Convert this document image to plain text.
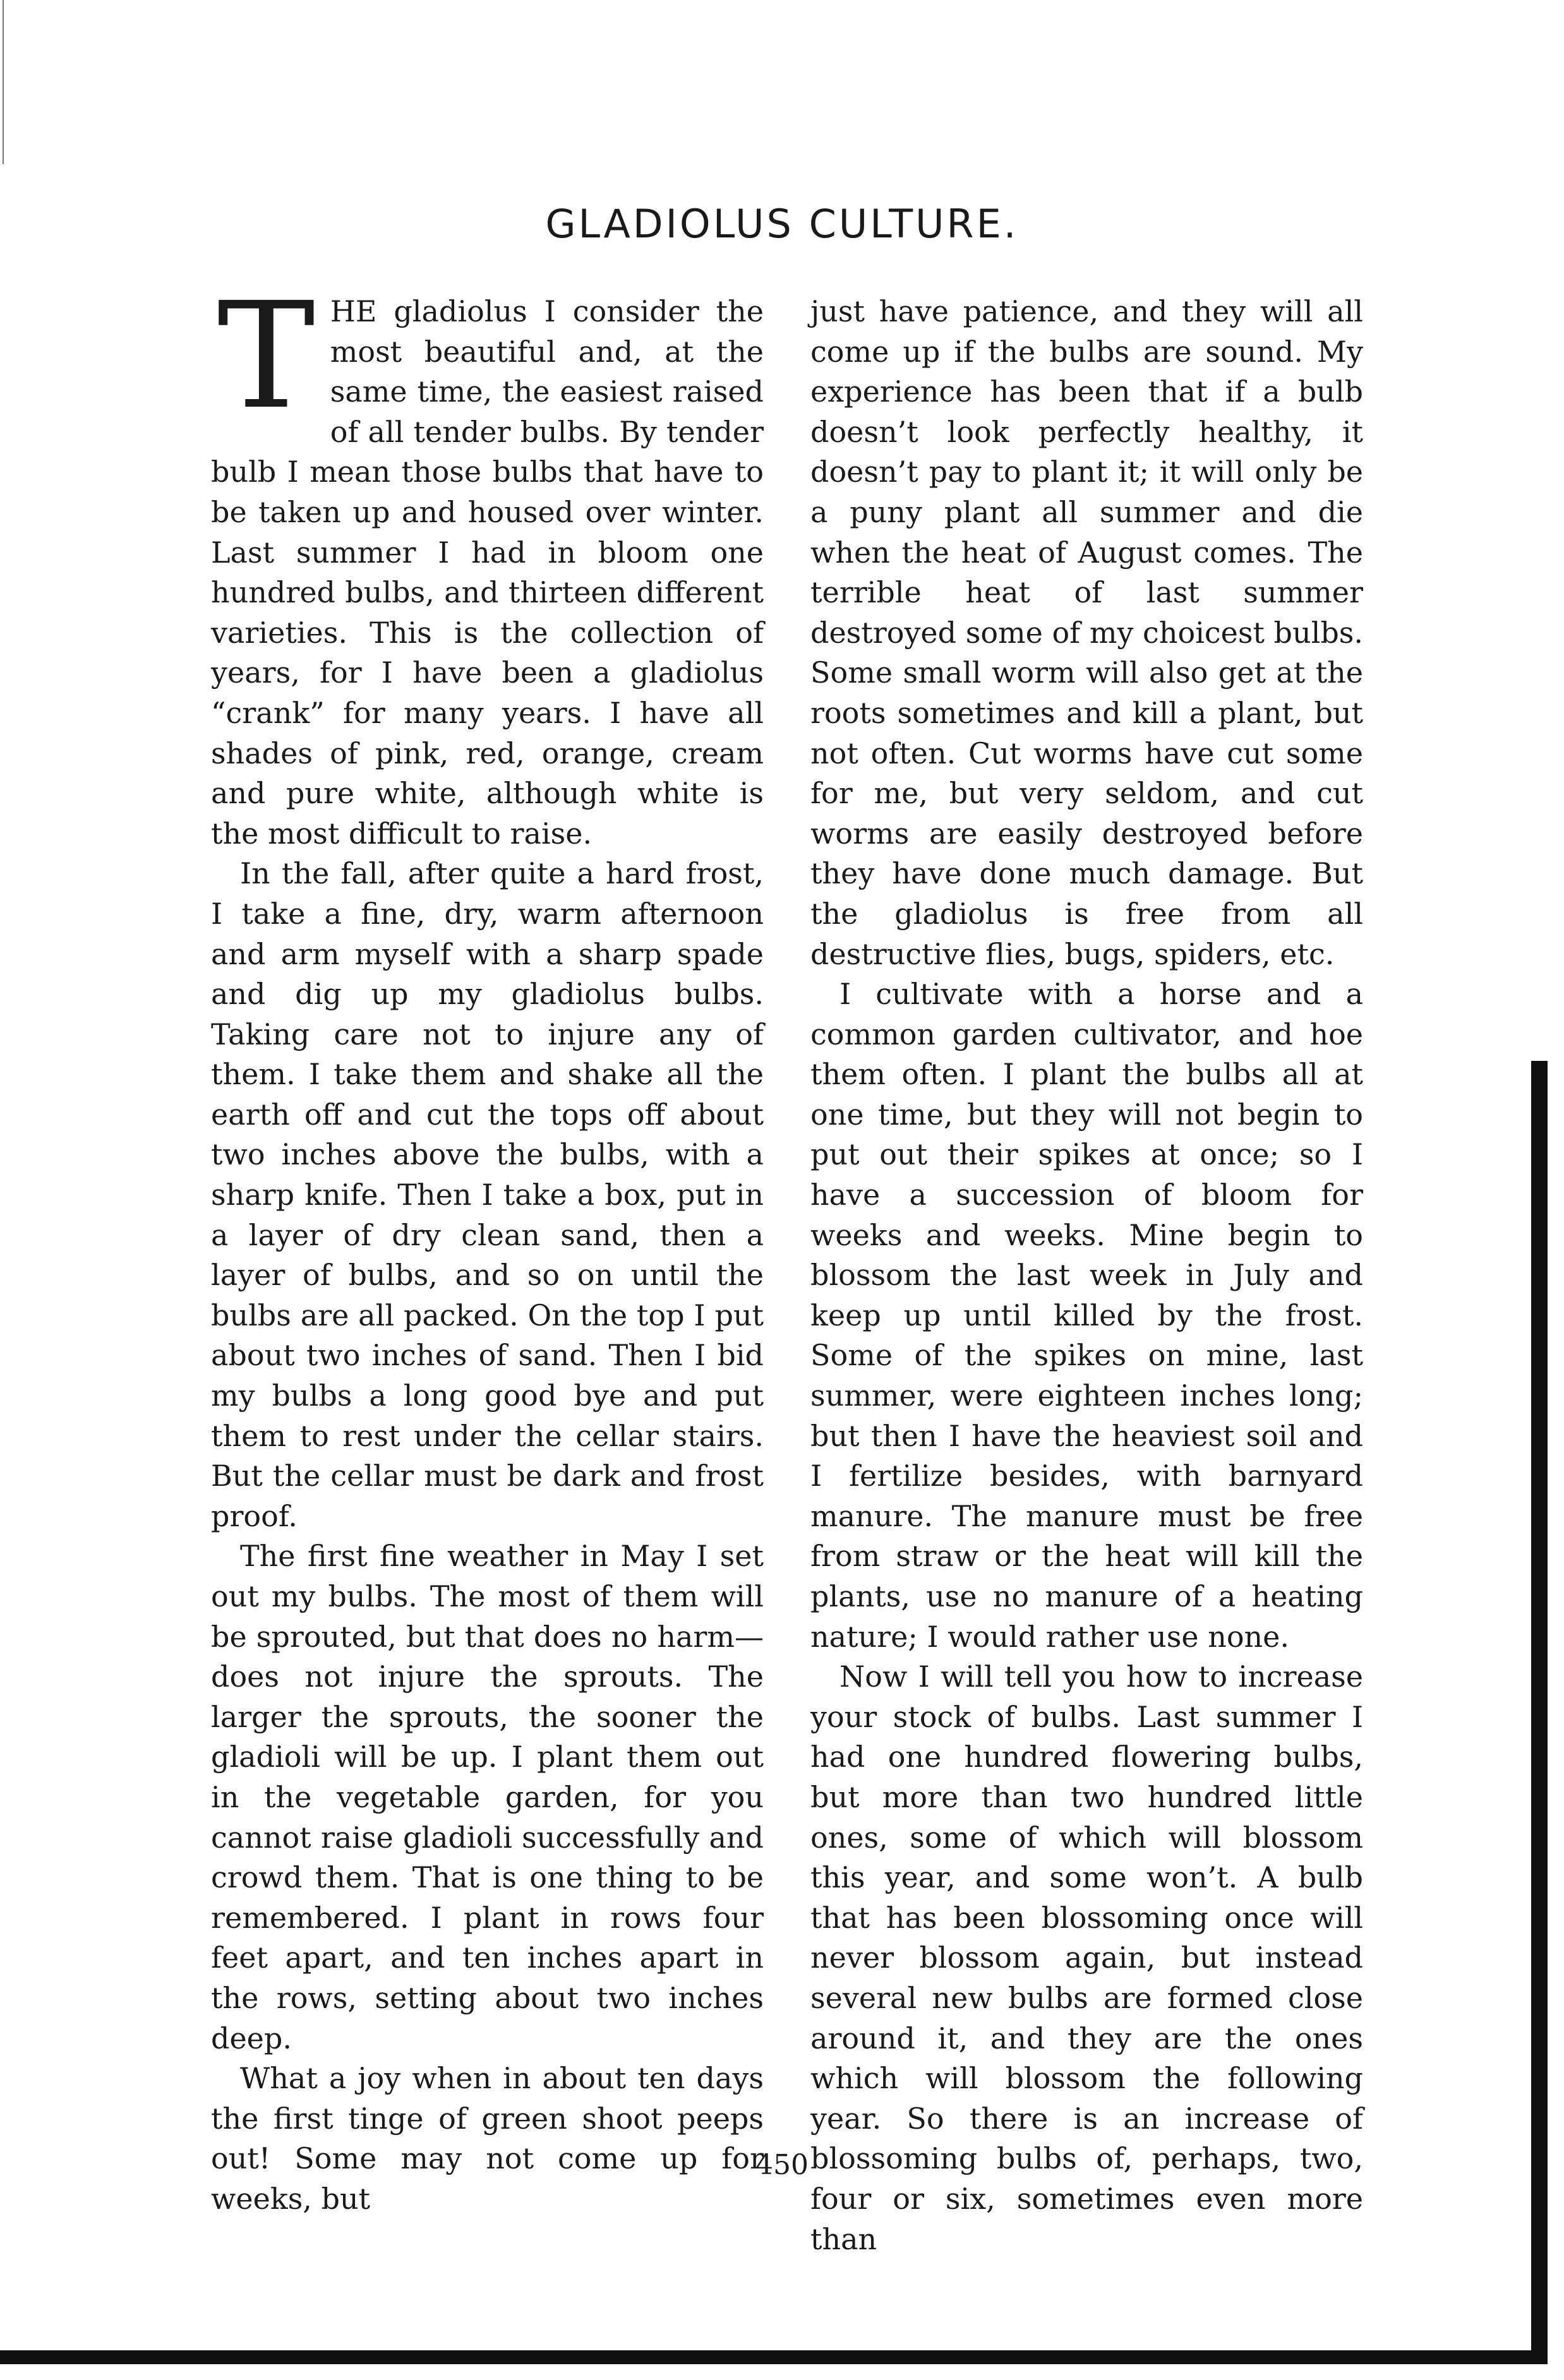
GLADIOLUS CULTURE.

THE gladiolus I consider the most beautiful and, at the same time, the easiest raised of all tender bulbs. By tender bulb I mean those bulbs that have to be taken up and housed over winter. Last summer I had in bloom one hundred bulbs, and thirteen different varieties. This is the collection of years, for I have been a gladiolus “crank” for many years. I have all shades of pink, red, orange, cream and pure white, although white is the most difficult to raise.

In the fall, after quite a hard frost, I take a fine, dry, warm afternoon and arm myself with a sharp spade and dig up my gladiolus bulbs. Taking care not to injure any of them. I take them and shake all the earth off and cut the tops off about two inches above the bulbs, with a sharp knife. Then I take a box, put in a layer of dry clean sand, then a layer of bulbs, and so on until the bulbs are all packed. On the top I put about two inches of sand. Then I bid my bulbs a long good bye and put them to rest under the cellar stairs. But the cellar must be dark and frost proof.

The first fine weather in May I set out my bulbs. The most of them will be sprouted, but that does no harm—does not injure the sprouts. The larger the sprouts, the sooner the gladioli will be up. I plant them out in the vegetable garden, for you cannot raise gladioli successfully and crowd them. That is one thing to be remembered. I plant in rows four feet apart, and ten inches apart in the rows, setting about two inches deep.

What a joy when in about ten days the first tinge of green shoot peeps out! Some may not come up for weeks, but

just have patience, and they will all come up if the bulbs are sound. My experience has been that if a bulb doesn’t look perfectly healthy, it doesn’t pay to plant it; it will only be a puny plant all summer and die when the heat of August comes. The terrible heat of last summer destroyed some of my choicest bulbs. Some small worm will also get at the roots sometimes and kill a plant, but not often. Cut worms have cut some for me, but very seldom, and cut worms are easily destroyed before they have done much damage. But the gladiolus is free from all destructive flies, bugs, spiders, etc.

I cultivate with a horse and a common garden cultivator, and hoe them often. I plant the bulbs all at one time, but they will not begin to put out their spikes at once; so I have a succession of bloom for weeks and weeks. Mine begin to blossom the last week in July and keep up until killed by the frost. Some of the spikes on mine, last summer, were eighteen inches long; but then I have the heaviest soil and I fertilize besides, with barnyard manure. The manure must be free from straw or the heat will kill the plants, use no manure of a heating nature; I would rather use none.

Now I will tell you how to increase your stock of bulbs. Last summer I had one hundred flowering bulbs, but more than two hundred little ones, some of which will blossom this year, and some won’t. A bulb that has been blossoming once will never blossom again, but instead several new bulbs are formed close around it, and they are the ones which will blossom the following year. So there is an increase of blossoming bulbs of, perhaps, two, four or six, sometimes even more than

450
